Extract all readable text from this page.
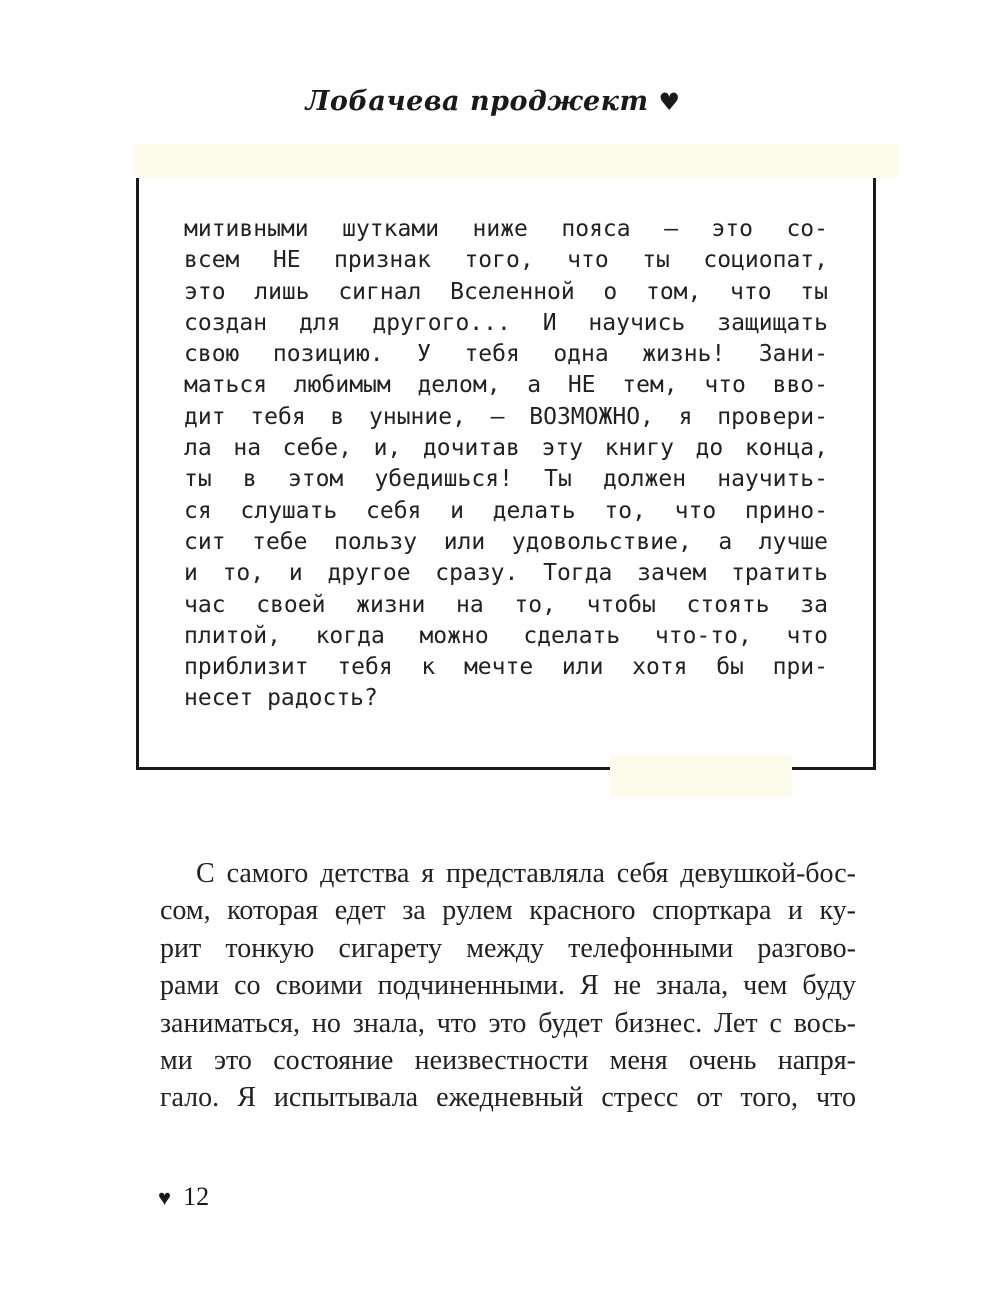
Лобачева проджект ♥
митивными шутками ниже пояса — это со-
всем НЕ признак того, что ты социопат,
это лишь сигнал Вселенной о том, что ты
создан для другого... И научись защищать
свою позицию. У тебя одна жизнь! Зани-
маться любимым делом, а НЕ тем, что вво-
дит тебя в уныние, — ВОЗМОЖНО, я провери-
ла на себе, и, дочитав эту книгу до конца,
ты в этом убедишься! Ты должен научить-
ся слушать себя и делать то, что прино-
сит тебе пользу или удовольствие, а лучше
и то, и другое сразу. Тогда зачем тратить
час своей жизни на то, чтобы стоять за
плитой, когда можно сделать что-то, что
приблизит тебя к мечте или хотя бы при-
несет радость?
С самого детства я представляла себя девушкой-бос-
сом, которая едет за рулем красного спорткара и ку-
рит тонкую сигарету между телефонными разгово-
рами со своими подчиненными. Я не знала, чем буду
заниматься, но знала, что это будет бизнес. Лет с вось-
ми это состояние неизвестности меня очень напря-
гало. Я испытывала ежедневный стресс от того, что
♥ 12
